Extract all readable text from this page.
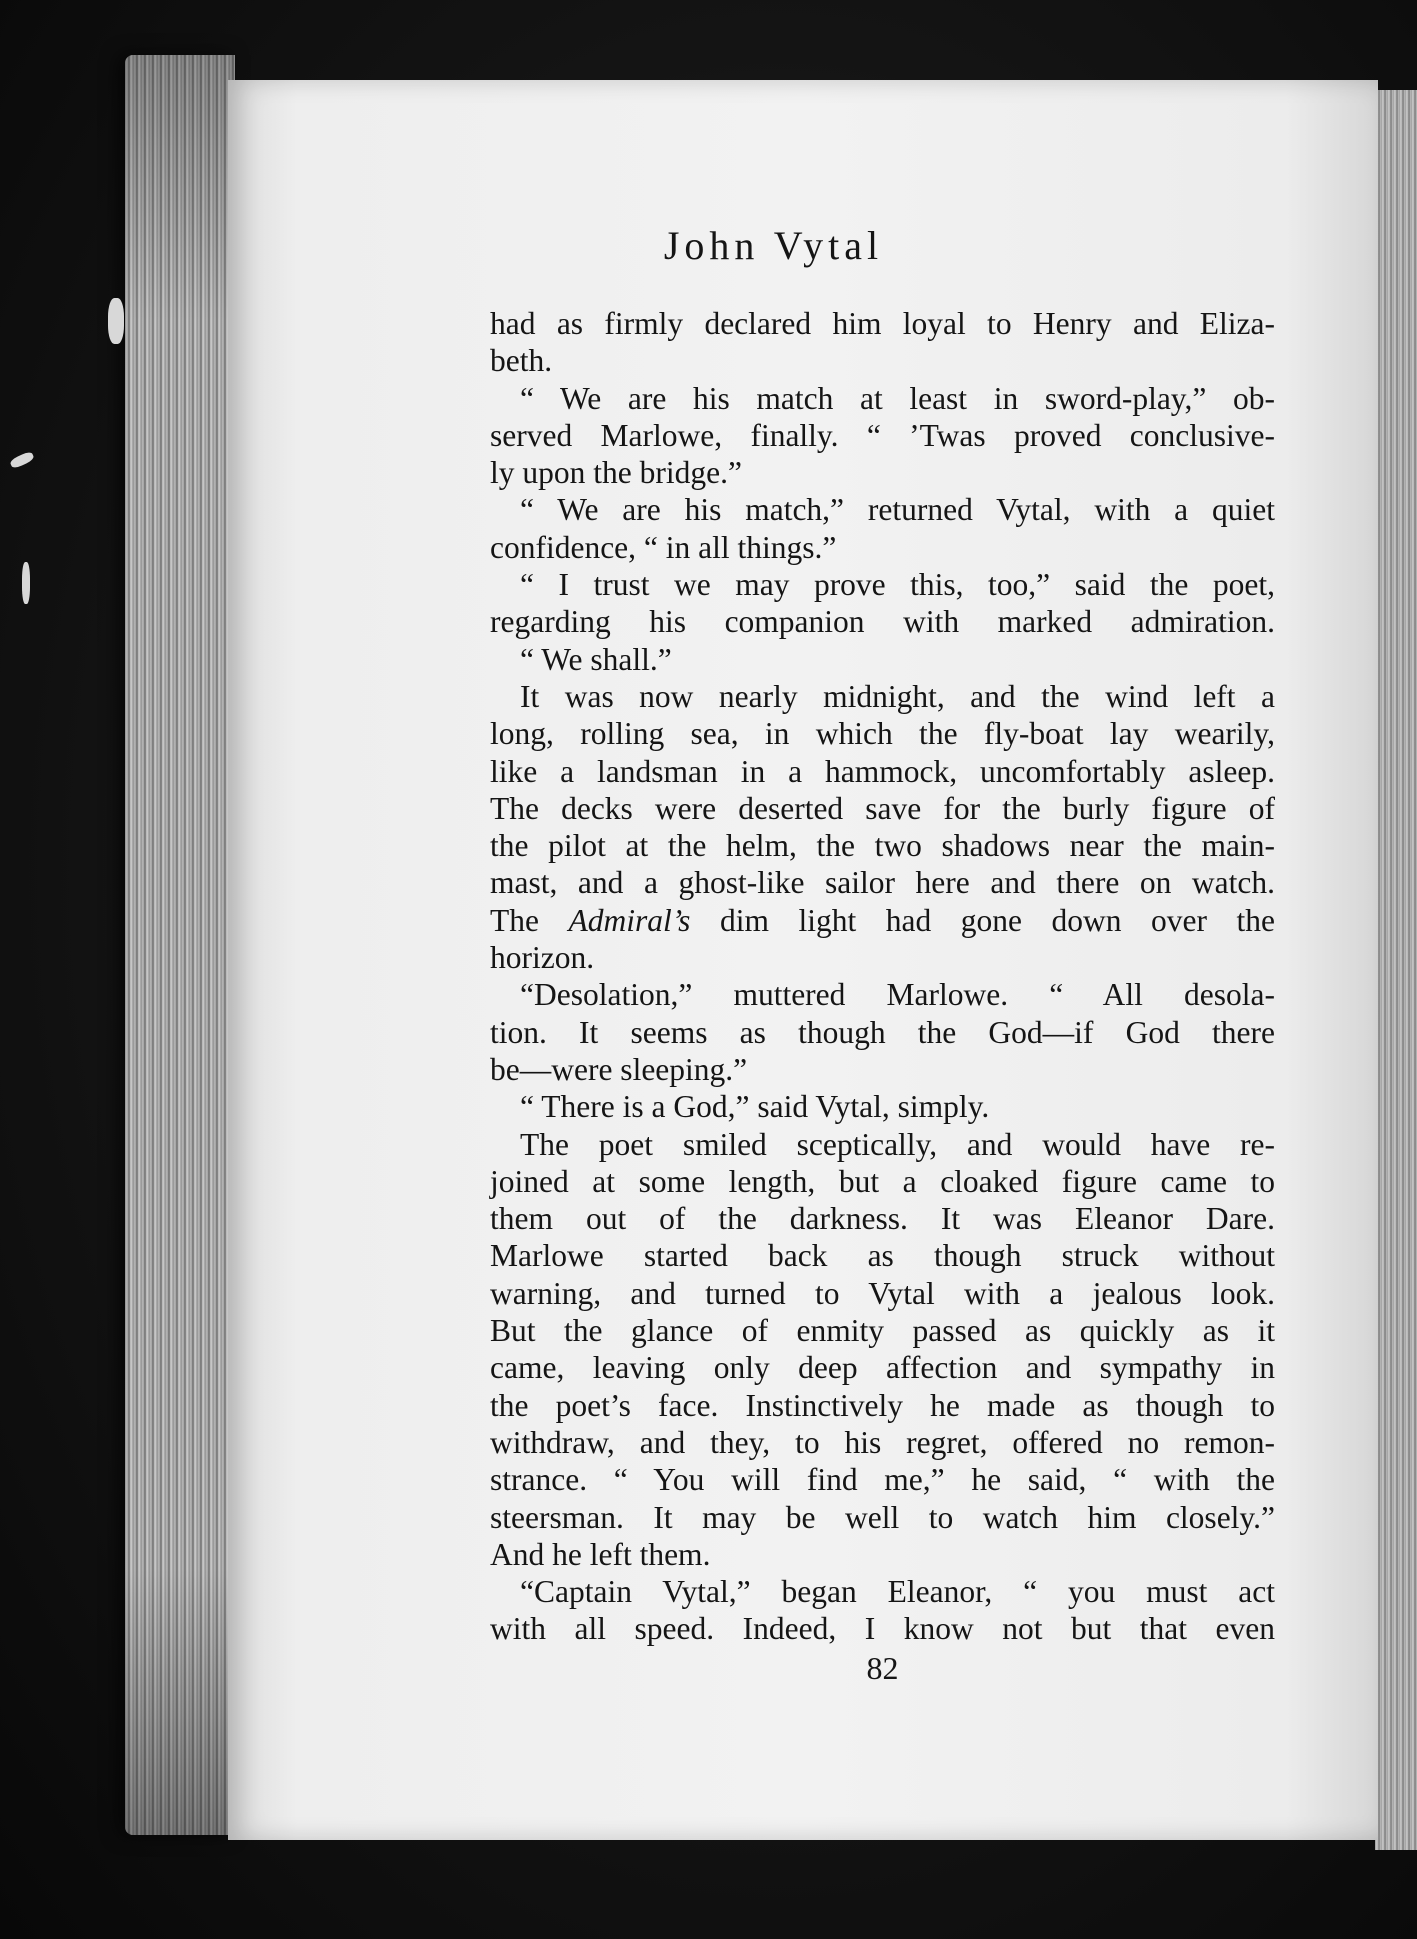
John Vytal
had as firmly declared him loyal to Henry and Eliza-
beth.
“ We are his match at least in sword-play,” ob-
served Marlowe, finally. “ ’Twas proved conclusive-
ly upon the bridge.”
“ We are his match,” returned Vytal, with a quiet
confidence, “ in all things.”
“ I trust we may prove this, too,” said the poet,
regarding his companion with marked admiration.
“ We shall.”
It was now nearly midnight, and the wind left a
long, rolling sea, in which the fly-boat lay wearily,
like a landsman in a hammock, uncomfortably asleep.
The decks were deserted save for the burly figure of
the pilot at the helm, the two shadows near the main-
mast, and a ghost-like sailor here and there on watch.
The Admiral’s dim light had gone down over the
horizon.
“Desolation,” muttered Marlowe. “ All desola-
tion. It seems as though the God—if God there
be—were sleeping.”
“ There is a God,” said Vytal, simply.
The poet smiled sceptically, and would have re-
joined at some length, but a cloaked figure came to
them out of the darkness. It was Eleanor Dare.
Marlowe started back as though struck without
warning, and turned to Vytal with a jealous look.
But the glance of enmity passed as quickly as it
came, leaving only deep affection and sympathy in
the poet’s face. Instinctively he made as though to
withdraw, and they, to his regret, offered no remon-
strance. “ You will find me,” he said, “ with the
steersman. It may be well to watch him closely.”
And he left them.
“Captain Vytal,” began Eleanor, “ you must act
with all speed. Indeed, I know not but that even
82
